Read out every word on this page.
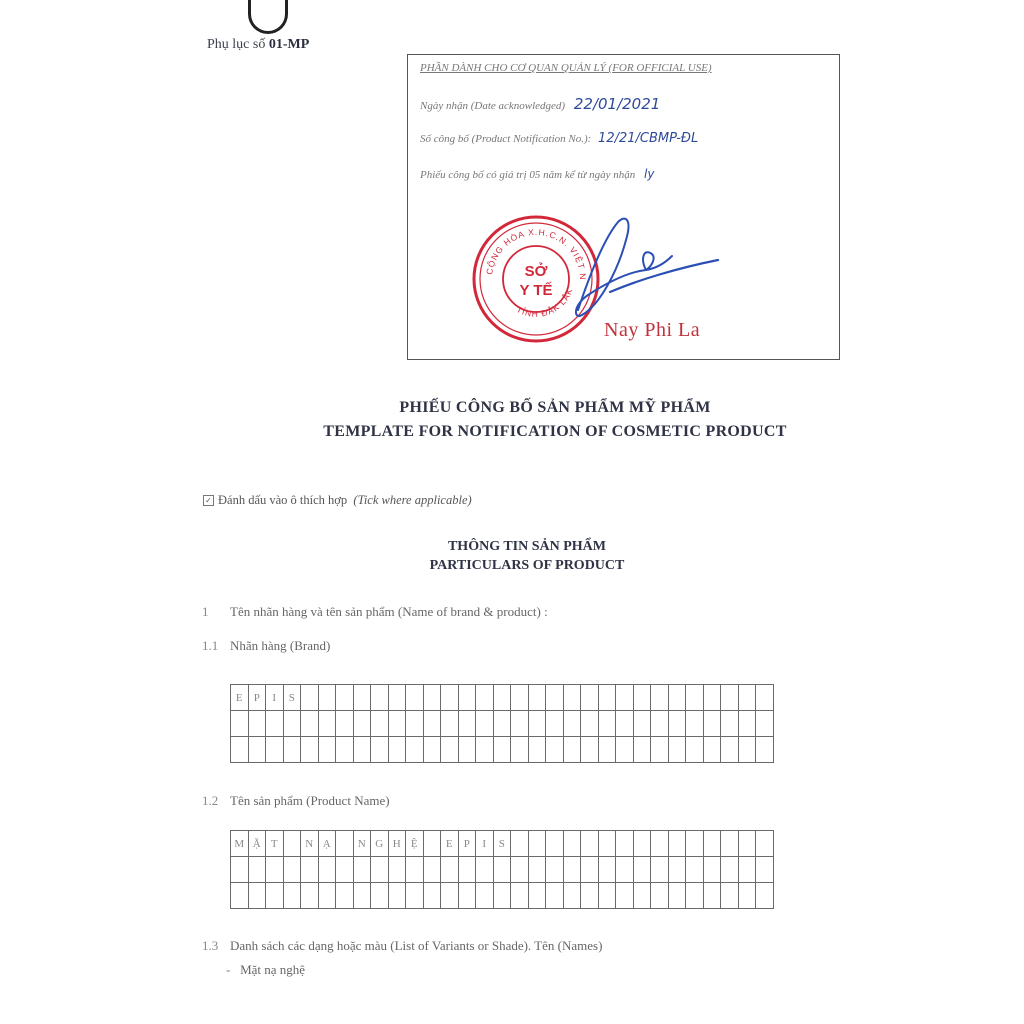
Phụ lục số 01-MP
PHẦN DÀNH CHO CƠ QUAN QUẢN LÝ (FOR OFFICIAL USE)
Ngày nhận (Date acknowledged) 22/01/2021
Số công bố (Product Notification No.): 12/21/CBMP-ĐL
Phiếu công bố có giá trị 05 năm kể từ ngày nhận ly
CỘNG HÒA X.H.C.N. VIỆT N
TỈNH ĐẮK LẮK
SỞ
Y TẾ
Nay Phi La
PHIẾU CÔNG BỐ SẢN PHẨM MỸ PHẨM
TEMPLATE FOR NOTIFICATION OF COSMETIC PRODUCT
✓ Đánh dấu vào ô thích hợp (Tick where applicable)
THÔNG TIN SẢN PHẨM
PARTICULARS OF PRODUCT
1 Tên nhãn hàng và tên sản phẩm (Name of brand & product) :
1.1 Nhãn hàng (Brand)
E	P	I	S																											

1.2 Tên sản phẩm (Product Name)
M	Ặ	T		N	Ạ		N	G	H	Ệ		E	P	I	S															

1.3 Danh sách các dạng hoặc màu (List of Variants or Shade). Tên (Names)
- Mặt nạ nghệ
